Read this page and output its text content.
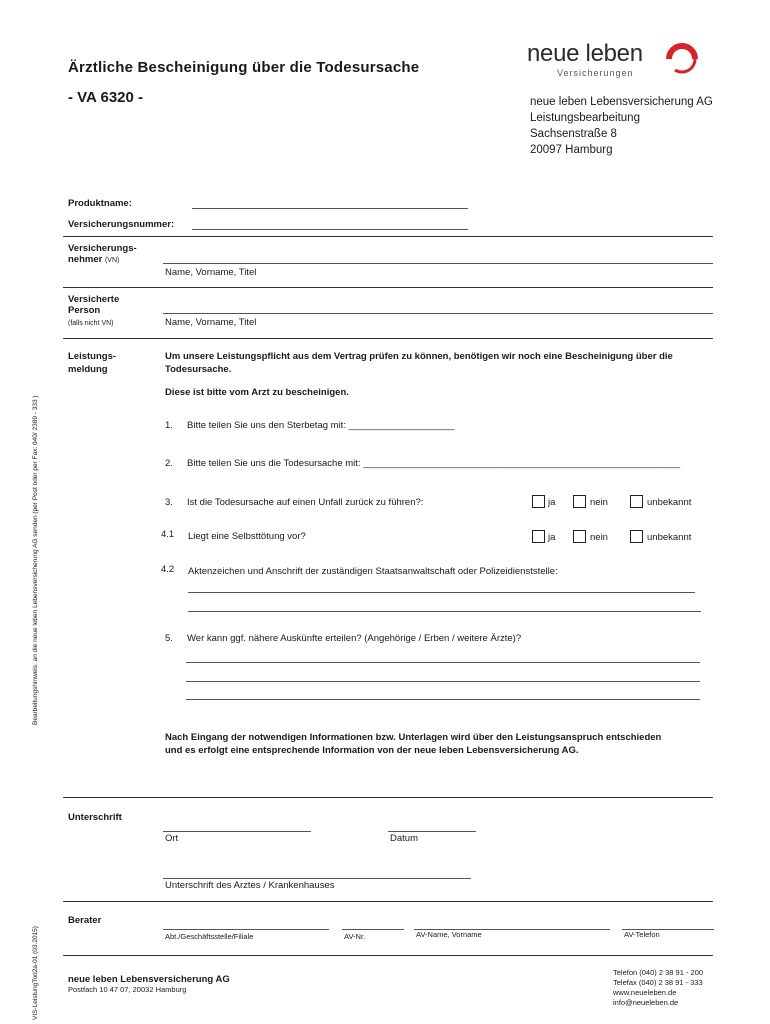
Ärztliche Bescheinigung über die Todesursache
- VA 6320 -
neue leben
Versicherungen
neue leben Lebensversicherung AG
Leistungsbearbeitung
Sachsenstraße 8
20097 Hamburg
Produktname:
Versicherungsnummer:
Versicherungs-
nehmer (VN)
Name, Vorname, Titel
Versicherte
Person
(falls nicht VN)	Name, Vorname, Titel
Leistungs-
meldung
Um unsere Leistungspflicht aus dem Vertrag prüfen zu können, benötigen wir noch eine Bescheinigung über die
Todesursache.
Diese ist bitte vom Arzt zu bescheinigen.
1. Bitte teilen Sie uns den Sterbetag mit: ____________________
2. Bitte teilen Sie uns die Todesursache mit: ____________________________________________________________
3. Ist die Todesursache auf einen Unfall zurück zu führen?:	ja	nein	unbekannt
4.1 Liegt eine Selbsttötung vor?	ja	nein	unbekannt
4.2 Aktenzeichen und Anschrift der zuständigen Staatsanwaltschaft oder Polizeidienststelle:
5. Wer kann ggf. nähere Auskünfte erteilen? (Angehörige / Erben / weitere Ärzte)?
Nach Eingang der notwendigen Informationen bzw. Unterlagen wird über den Leistungsanspruch entschieden
und es erfolgt eine entsprechende Information von der neue leben Lebensversicherung AG.
Unterschrift
Ort	Datum
Unterschrift des Arztes / Krankenhauses
Berater
Abt./Geschäftsstelle/Filiale	AV-Nr.	AV-Name, Vorname	AV-Telefon
neue leben Lebensversicherung AG
Postfach 10 47 07, 20032 Hamburg
Telefon (040) 2 38 91 - 200
Telefax (040) 2 38 91 - 333
www.neueleben.de
info@neueleben.de
Bearbeitungshinweis: an die neue leben Lebensversicherung AG senden (per Post oder per Fax: 040/ 2389 - 333 )
VIS-LeistungTod2a-01 (03.2015)
